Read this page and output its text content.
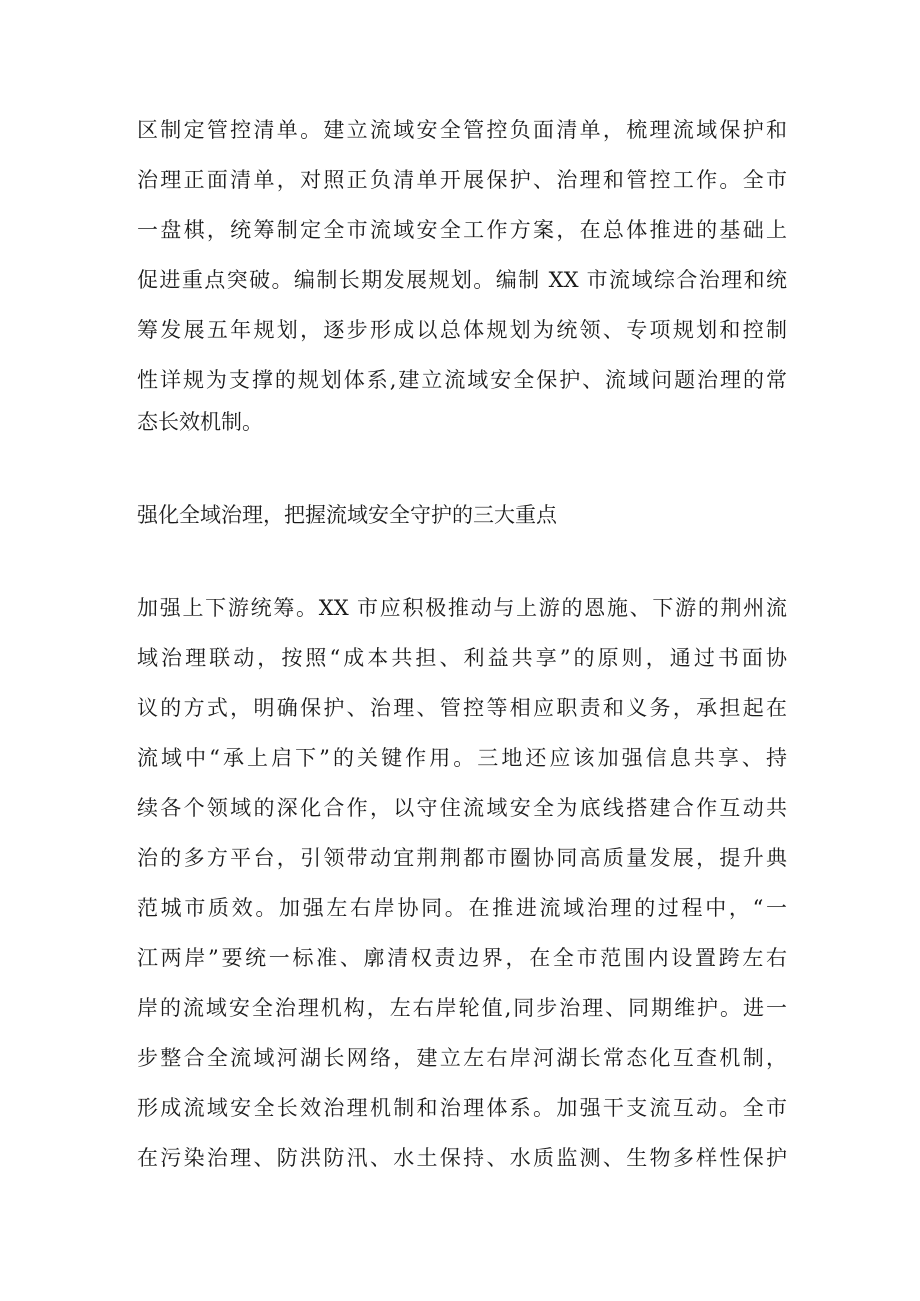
区制定管控清单。建立流域安全管控负面清单，梳理流域保护和
治理正面清单，对照正负清单开展保护、治理和管控工作。全市
一盘棋，统筹制定全市流域安全工作方案，在总体推进的基础上
促进重点突破。编制长期发展规划。编制 XX 市流域综合治理和统
筹发展五年规划，逐步形成以总体规划为统领、专项规划和控制
性详规为支撑的规划体系,建立流域安全保护、流域问题治理的常
态长效机制。
强化全域治理，把握流域安全守护的三大重点
加强上下游统筹。XX 市应积极推动与上游的恩施、下游的荆州流
域治理联动，按照“成本共担、利益共享”的原则，通过书面协
议的方式，明确保护、治理、管控等相应职责和义务，承担起在
流域中“承上启下”的关键作用。三地还应该加强信息共享、持
续各个领域的深化合作，以守住流域安全为底线搭建合作互动共
治的多方平台，引领带动宜荆荆都市圈协同高质量发展，提升典
范城市质效。加强左右岸协同。在推进流域治理的过程中，“一
江两岸”要统一标准、廓清权责边界，在全市范围内设置跨左右
岸的流域安全治理机构，左右岸轮值,同步治理、同期维护。进一
步整合全流域河湖长网络，建立左右岸河湖长常态化互查机制，
形成流域安全长效治理机制和治理体系。加强干支流互动。全市
在污染治理、防洪防汛、水土保持、水质监测、生物多样性保护
